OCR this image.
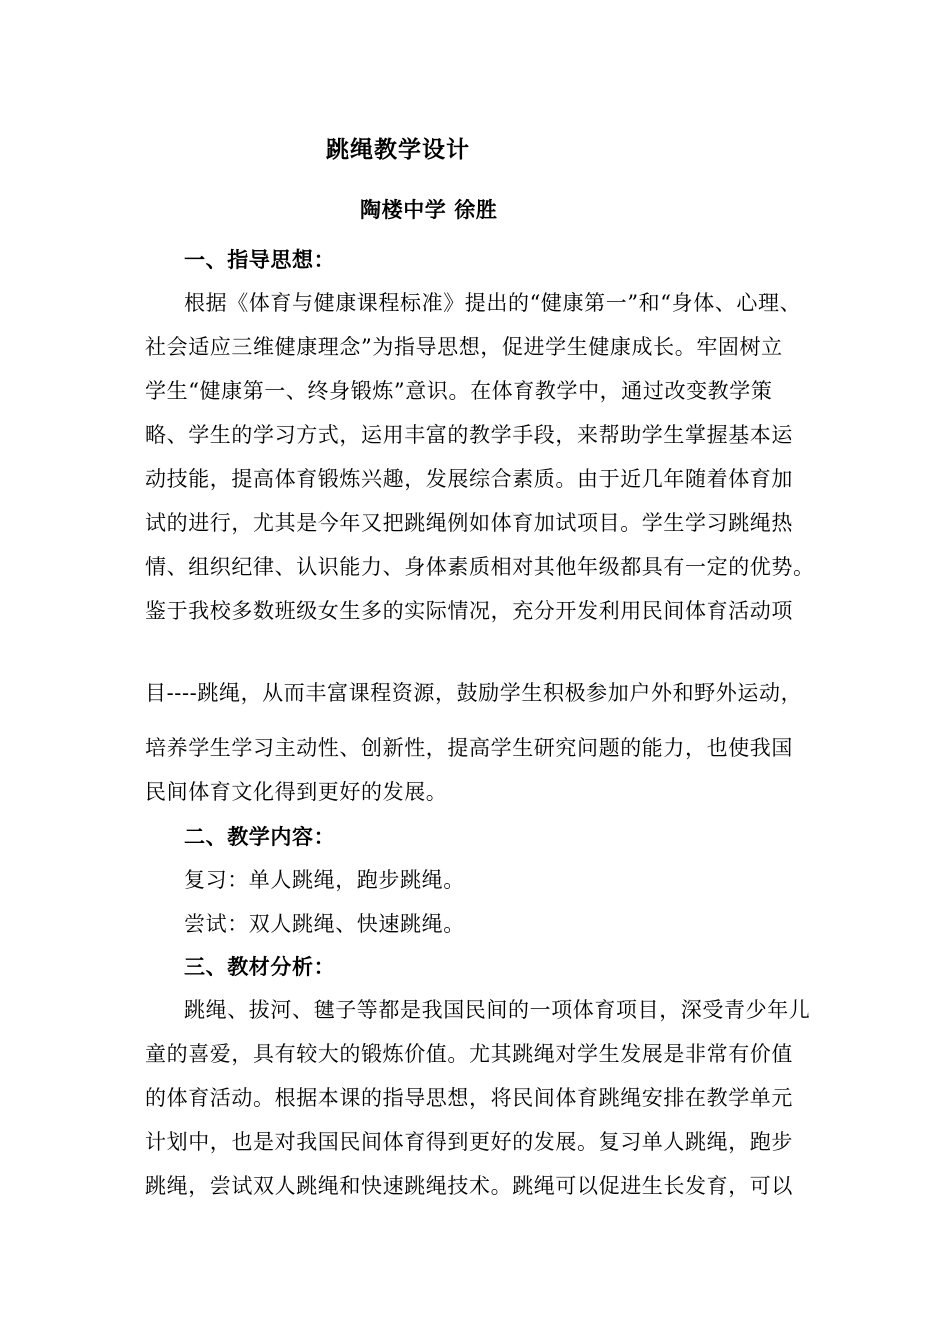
跳绳教学设计
陶楼中学 徐胜
一、指导思想：
根据《体育与健康课程标准》提出的“健康第一”和“身体、心理、
社会适应三维健康理念”为指导思想，促进学生健康成长。牢固树立
学生“健康第一、终身锻炼”意识。在体育教学中，通过改变教学策
略、学生的学习方式，运用丰富的教学手段，来帮助学生掌握基本运
动技能，提高体育锻炼兴趣，发展综合素质。由于近几年随着体育加
试的进行，尤其是今年又把跳绳例如体育加试项目。学生学习跳绳热
情、组织纪律、认识能力、身体素质相对其他年级都具有一定的优势。
鉴于我校多数班级女生多的实际情况，充分开发利用民间体育活动项
目----跳绳，从而丰富课程资源，鼓励学生积极参加户外和野外运动，
培养学生学习主动性、创新性，提高学生研究问题的能力，也使我国
民间体育文化得到更好的发展。
二、教学内容：
复习：单人跳绳，跑步跳绳。
尝试：双人跳绳、快速跳绳。
三、教材分析：
跳绳、拔河、毽子等都是我国民间的一项体育项目，深受青少年儿
童的喜爱，具有较大的锻炼价值。尤其跳绳对学生发展是非常有价值
的体育活动。根据本课的指导思想，将民间体育跳绳安排在教学单元
计划中，也是对我国民间体育得到更好的发展。复习单人跳绳，跑步
跳绳，尝试双人跳绳和快速跳绳技术。跳绳可以促进生长发育，可以
